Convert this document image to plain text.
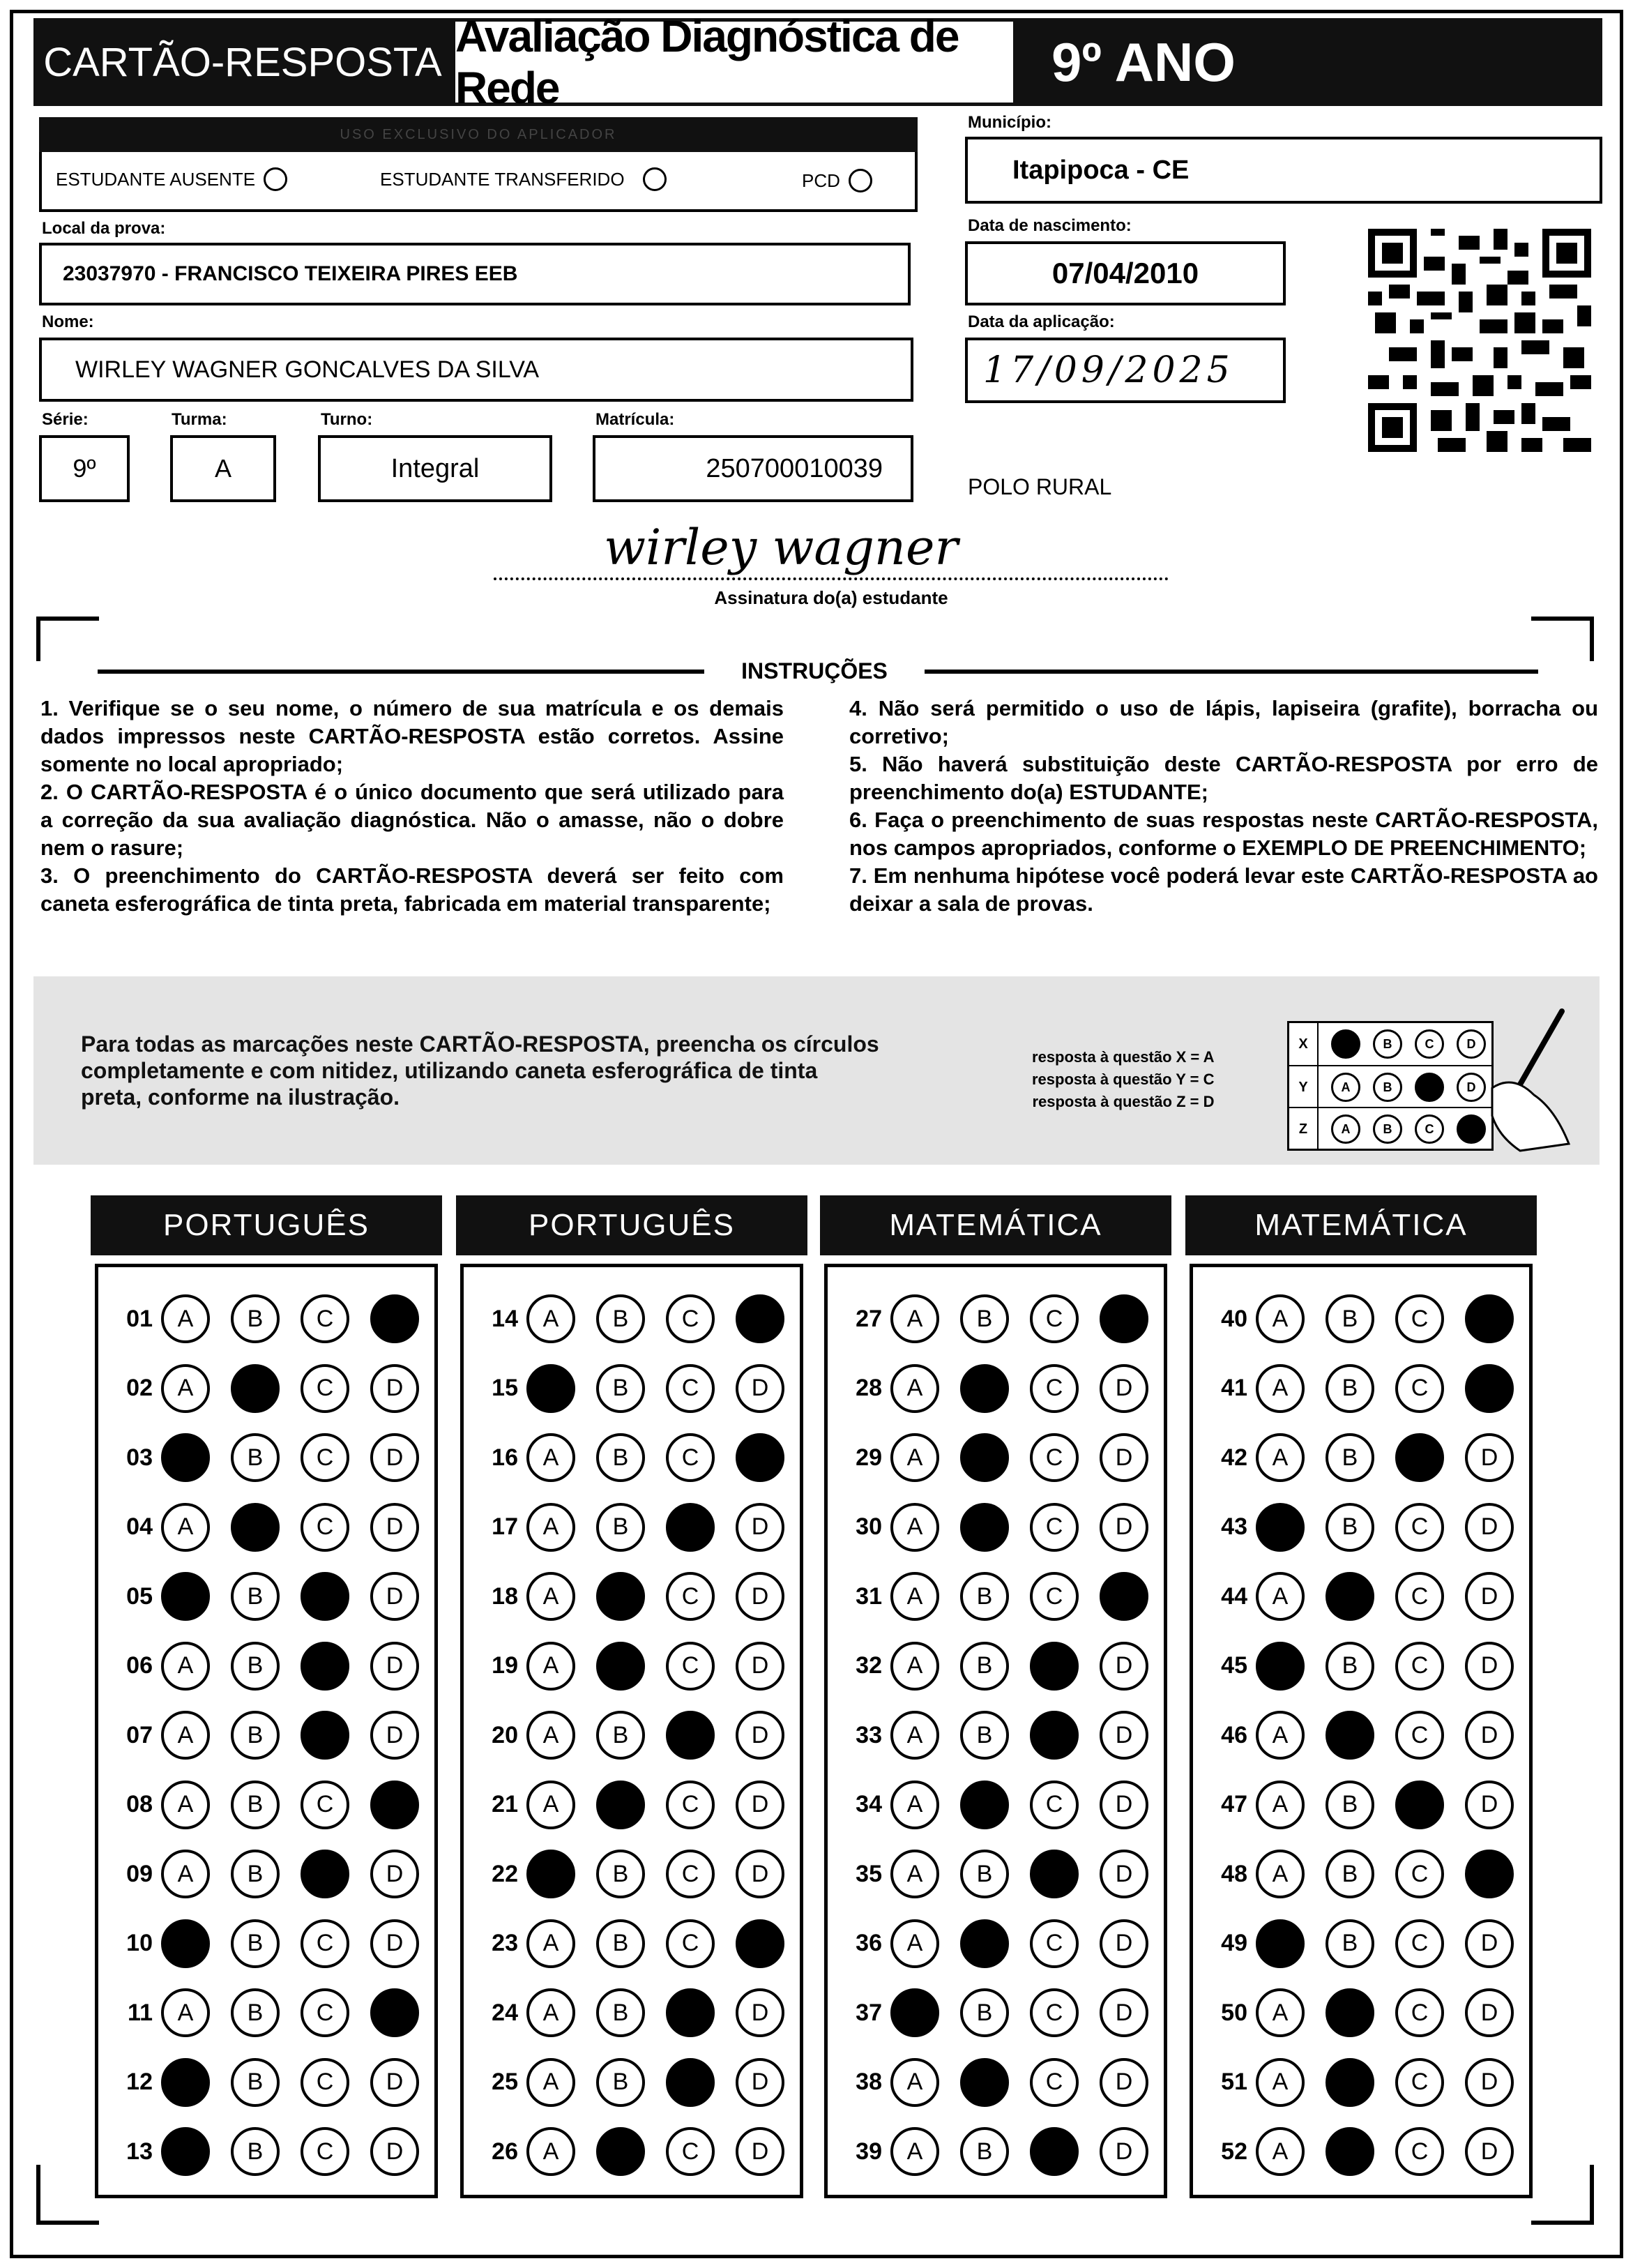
CARTÃO-RESPOSTA
Avaliação Diagnóstica de Rede	9º ANO
USO EXCLUSIVO DO APLICADOR
ESTUDANTE AUSENTE	ESTUDANTE TRANSFERIDO	PCD
Local da prova:
23037970 - FRANCISCO TEIXEIRA PIRES EEB
Nome:
WIRLEY WAGNER GONCALVES DA SILVA
Série:
9º
Turma:
A
Turno:
Integral
Matrícula:
250700010039
Município:
Itapipoca - CE
Data de nascimento:
07/04/2010
Data da aplicação:
17/09/2025
POLO RURAL
wirley wagner
Assinatura do(a) estudante
INSTRUÇÕES
1. Verifique se o seu nome, o número de sua matrícula e os demais dados impressos neste CARTÃO-RESPOSTA estão corretos. Assine somente no local apropriado;
2. O CARTÃO-RESPOSTA é o único documento que será utilizado para a correção da sua avaliação diagnóstica. Não o amasse, não o dobre nem o rasure;
3. O preenchimento do CARTÃO-RESPOSTA deverá ser feito com caneta esferográfica de tinta preta, fabricada em material transparente;
4. Não será permitido o uso de lápis, lapiseira (grafite), borracha ou corretivo;
5. Não haverá substituição deste CARTÃO-RESPOSTA por erro de preenchimento do(a) ESTUDANTE;
6. Faça o preenchimento de suas respostas neste CARTÃO-RESPOSTA, nos campos apropriados, conforme o EXEMPLO DE PREENCHIMENTO;
7. Em nenhuma hipótese você poderá levar este CARTÃO-RESPOSTA ao deixar a sala de provas.
Para todas as marcações neste CARTÃO-RESPOSTA, preencha os círculos completamente e com nitidez, utilizando caneta esferográfica de tinta preta, conforme na ilustração.
resposta à questão X = A
resposta à questão Y = C
resposta à questão Z = D
X	B	C	D
Y	A	B	D
Z	A	B	C
PORTUGUÊS
01	A	B	C
02	A	C	D
03	B	C	D
04	A	C	D
05	B	D
06	A	B	D
07	A	B	D
08	A	B	C
09	A	B	D
10	B	C	D
11	A	B	C
12	B	C	D
13	B	C	D
PORTUGUÊS
14	A	B	C
15	B	C	D
16	A	B	C
17	A	B	D
18	A	C	D
19	A	C	D
20	A	B	D
21	A	C	D
22	B	C	D
23	A	B	C
24	A	B	D
25	A	B	D
26	A	C	D
MATEMÁTICA
27	A	B	C
28	A	C	D
29	A	C	D
30	A	C	D
31	A	B	C
32	A	B	D
33	A	B	D
34	A	C	D
35	A	B	D
36	A	C	D
37	B	C	D
38	A	C	D
39	A	B	D
MATEMÁTICA
40	A	B	C
41	A	B	C
42	A	B	D
43	B	C	D
44	A	C	D
45	B	C	D
46	A	C	D
47	A	B	D
48	A	B	C
49	B	C	D
50	A	C	D
51	A	C	D
52	A	C	D
